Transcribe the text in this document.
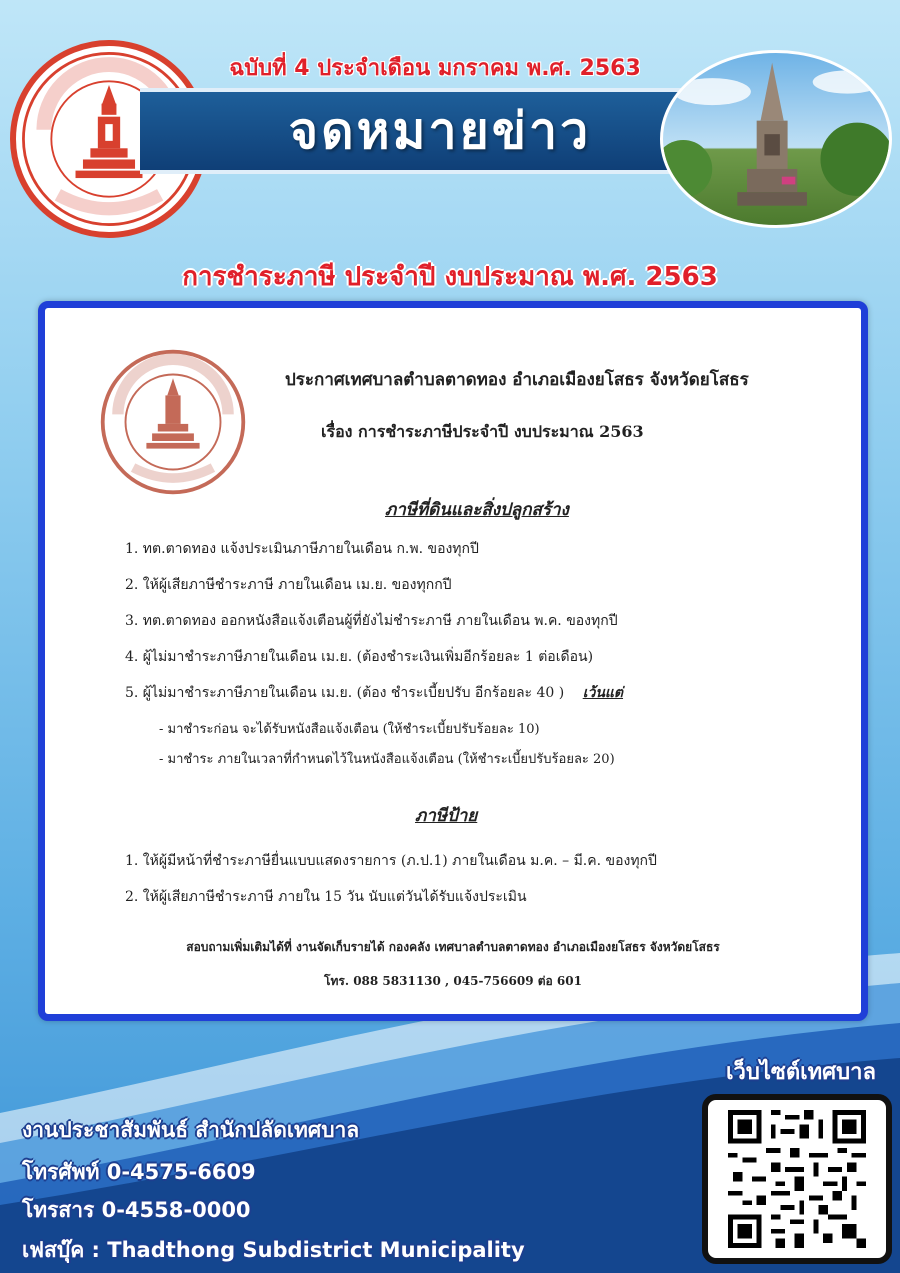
ฉบับที่ 4 ประจำเดือน มกราคม พ.ศ. 2563
จดหมายข่าว
การชำระภาษี ประจำปี งบประมาณ พ.ศ. 2563
ประกาศเทศบาลตำบลตาดทอง อำเภอเมืองยโสธร จังหวัดยโสธร
เรื่อง การชำระภาษีประจำปี งบประมาณ 2563
ภาษีที่ดินและสิ่งปลูกสร้าง
1. ทต.ตาดทอง แจ้งประเมินภาษีภายในเดือน ก.พ. ของทุกปี
2. ให้ผู้เสียภาษีชำระภาษี ภายในเดือน เม.ย. ของทุกกปี
3. ทต.ตาดทอง ออกหนังสือแจ้งเตือนผู้ที่ยังไม่ชำระภาษี ภายในเดือน พ.ค. ของทุกปี
4. ผู้ไม่มาชำระภาษีภายในเดือน เม.ย. (ต้องชำระเงินเพิ่มอีกร้อยละ 1 ต่อเดือน)
5. ผู้ไม่มาชำระภาษีภายในเดือน เม.ย. (ต้อง ชำระเบี้ยปรับ อีกร้อยละ 40 ) เว้นแต่
- มาชำระก่อน จะได้รับหนังสือแจ้งเตือน (ให้ชำระเบี้ยปรับร้อยละ 10)
- มาชำระ ภายในเวลาที่กำหนดไว้ในหนังสือแจ้งเตือน (ให้ชำระเบี้ยปรับร้อยละ 20)
ภาษีป้าย
1. ให้ผู้มีหน้าที่ชำระภาษียื่นแบบแสดงรายการ (ภ.ป.1) ภายในเดือน ม.ค. – มี.ค. ของทุกปี
2. ให้ผู้เสียภาษีชำระภาษี ภายใน 15 วัน นับแต่วันได้รับแจ้งประเมิน
สอบถามเพิ่มเติมได้ที่ งานจัดเก็บรายได้ กองคลัง เทศบาลตำบลตาดทอง อำเภอเมืองยโสธร จังหวัดยโสธร
โทร. 088 5831130 , 045-756609 ต่อ 601
งานประชาสัมพันธ์ สำนักปลัดเทศบาล
โทรศัพท์ 0-4575-6609
โทรสาร 0-4558-0000
เฟสบุ๊ค : Thadthong Subdistrict Municipality
เว็บไซต์เทศบาล
